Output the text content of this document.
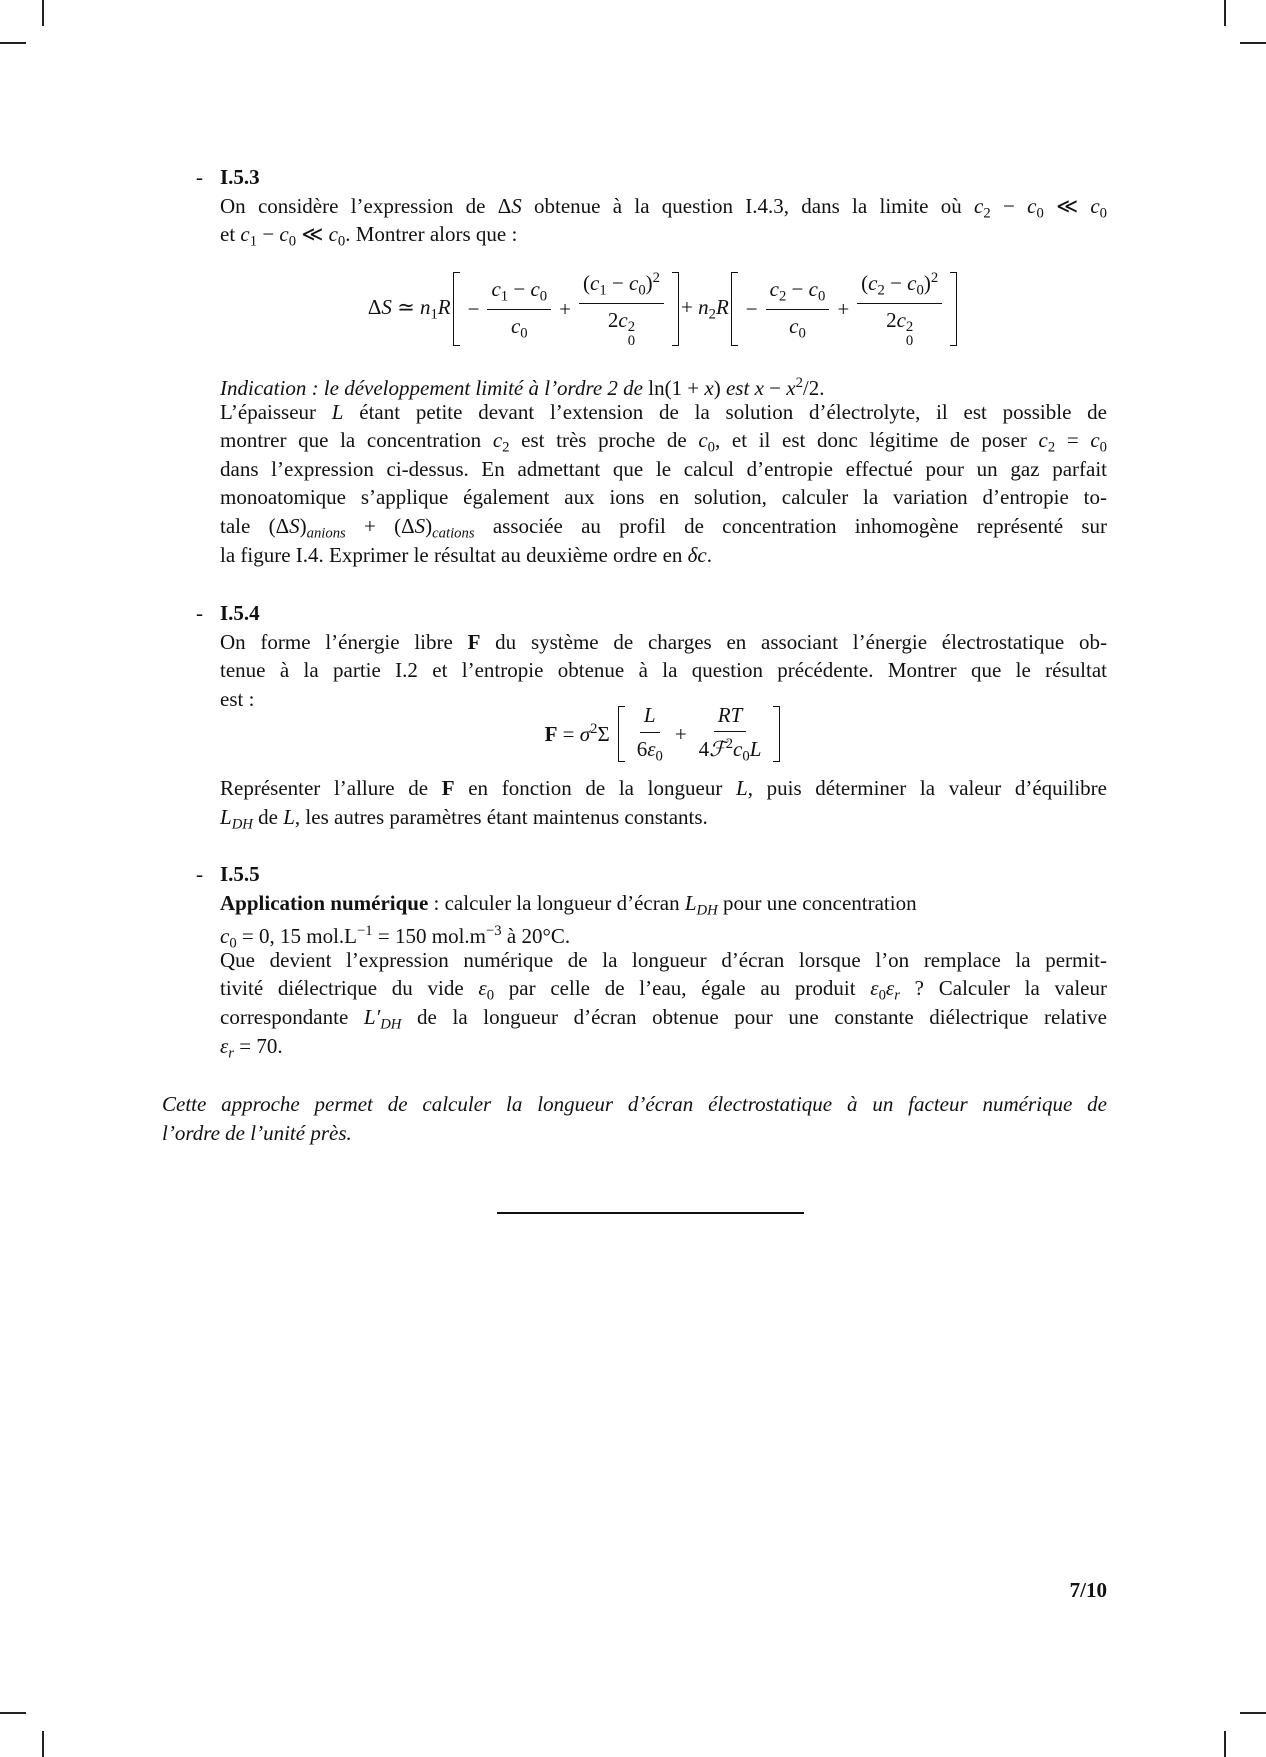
- I.5.3
On considère l’expression de ΔS obtenue à la question I.4.3, dans la limite où $c_2 - c_0$ ≪ $c_0$
et $c_1 - c_0$ ≪ $c_0$. Montrer alors que :
ΔS ≃ $n_1R - \frac{c_1 - c_0}{c_0} + (c_1 - c_0)^2$
2c 2
$0 + n_2R - \frac{c_2 - c_0}{c_0} + (c_2 - c_0)^2$
2c 2
0
Indication : le développement limité à l’ordre 2 de ln(1 + x) est $x - x^2/2$.
L’épaisseur L étant petite devant l’extension de la solution d’électrolyte, il est possible de
montrer que la concentration $c_2$ est très proche de $c_0$, et il est donc légitime de poser $c_2 = c_0$
dans l’expression ci-dessus. En admettant que le calcul d’entropie effectué pour un gaz parfait
monoatomique s’applique également aux ions en solution, calculer la variation d’entropie to-
tale $(\Delta S)_{anions} + (\Delta S)_{cations}$ associée au profil de concentration inhomogène représenté sur
la figure I.4. Exprimer le résultat au deuxième ordre en δc.
- I.5.4
On forme l’énergie libre F du système de charges en associant l’énergie électrostatique ob-
tenue à la partie I.2 et l’entropie obtenue à la question précédente. Montrer que le résultat
est :
$F = \sigma^2\Sigma \frac{L}{6\varepsilon_0} + \frac{RT}{4ℱ^2c_0L}$
Représenter l’allure de F en fonction de la longueur L, puis déterminer la valeur d’équilibre
$L_{DH}$ de L, les autres paramètres étant maintenus constants.
- I.5.5
Application numérique : calculer la longueur d’écran $L_{DH}$ pour une concentration
$c_0 = 0$, 15 $mol.L^{-1} = 150$ $mol.m^{-3}$ à 20°C.
Que devient l’expression numérique de la longueur d’écran lorsque l’on remplace la permit-
tivité diélectrique du vide $\varepsilon_0$ par celle de l’eau, égale au produit $\varepsilon_0\varepsilon_r$ ? Calculer la valeur
correspondante $L'_{DH}$ de la longueur d’écran obtenue pour une constante diélectrique relative
$\varepsilon_r = 70$.
Cette approche permet de calculer la longueur d’écran électrostatique à un facteur numérique de
l’ordre de l’unité près.
7/10
